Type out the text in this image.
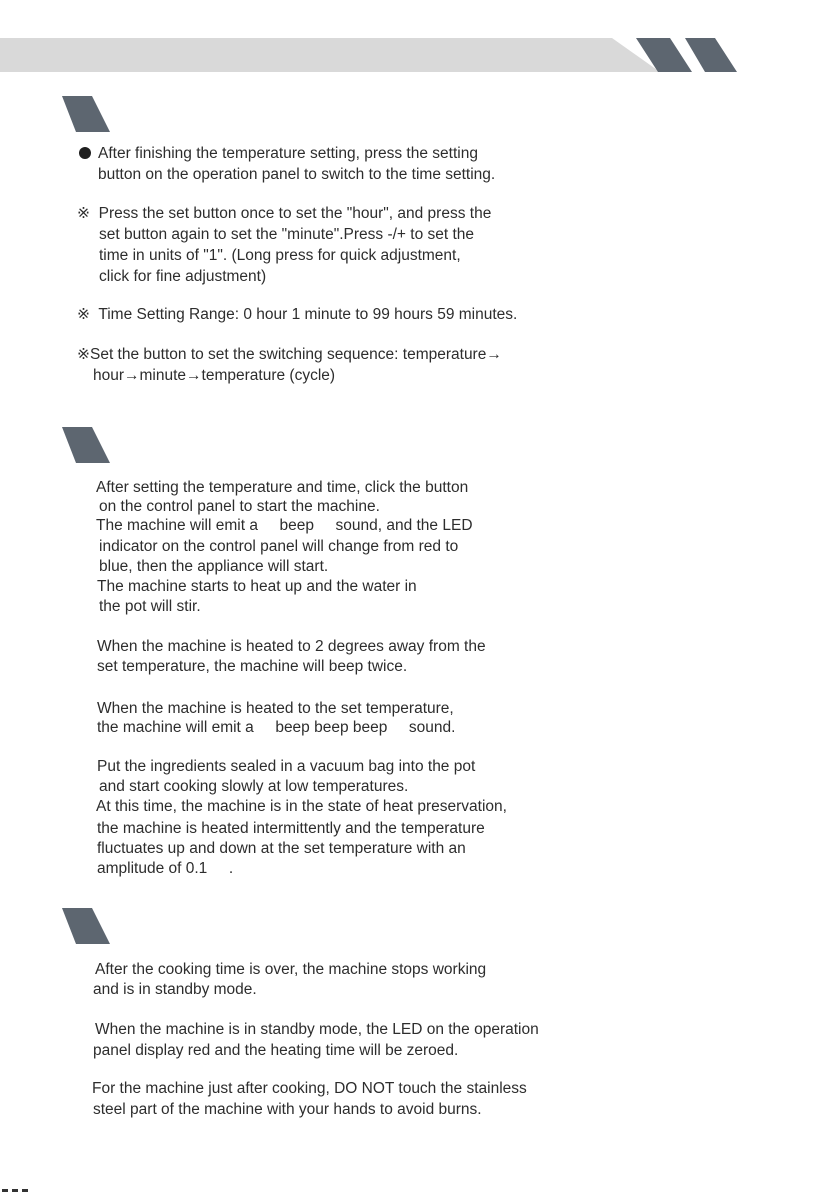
After finishing the temperature setting, press the setting

button on the operation panel to switch to the time setting.

※  Press the set button once to set the "hour", and press the

set button again to set the "minute".Press -/+ to set the

time in units of "1". (Long press for quick adjustment,

click for fine adjustment)

※  Time Setting Range: 0 hour 1 minute to 99 hours 59 minutes.

※Set the button to set the switching sequence: temperature→

hour→minute→temperature (cycle)

After setting the temperature and time, click the button

on the control panel to start the machine.

The machine will emit a     beep     sound, and the LED

indicator on the control panel will change from red to

blue, then the appliance will start.

The machine starts to heat up and the water in

the pot will stir.

When the machine is heated to 2 degrees away from the

set temperature, the machine will beep twice.

When the machine is heated to the set temperature,

the machine will emit a     beep beep beep     sound.

Put the ingredients sealed in a vacuum bag into the pot

and start cooking slowly at low temperatures.

At this time, the machine is in the state of heat preservation,

the machine is heated intermittently and the temperature

fluctuates up and down at the set temperature with an

amplitude of 0.1     .

After the cooking time is over, the machine stops working

and is in standby mode.

When the machine is in standby mode, the LED on the operation

panel display red and the heating time will be zeroed.

For the machine just after cooking, DO NOT touch the stainless

steel part of the machine with your hands to avoid burns.
